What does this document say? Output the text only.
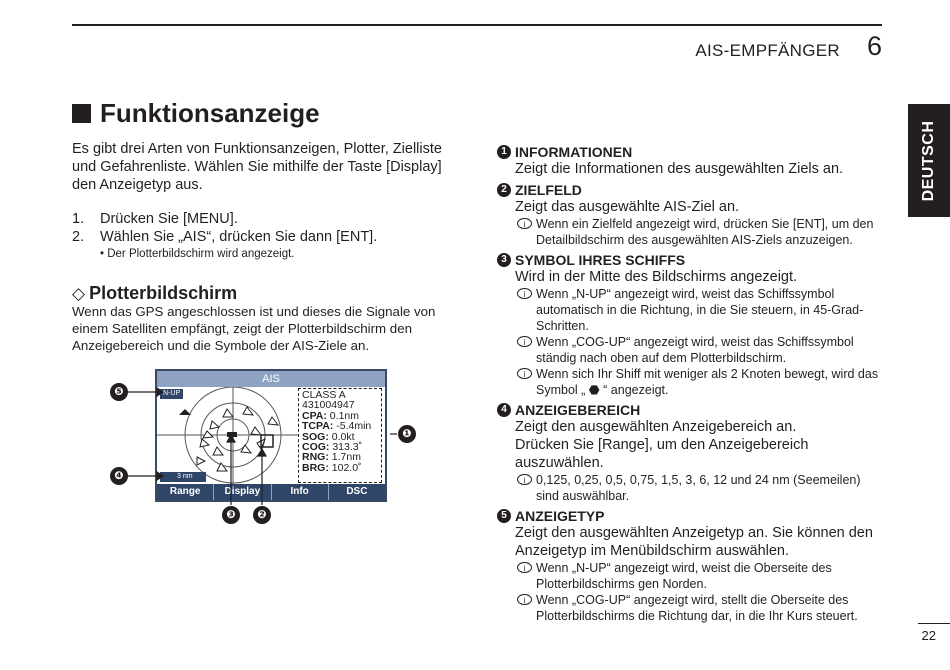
AIS-EMPFÄNGER 6
DEUTSCH
Funktionsanzeige
Es gibt drei Arten von Funktionsanzeigen, Plotter, Zielliste
und Gefahrenliste. Wählen Sie mithilfe der Taste [Display]
den Anzeigetyp aus.
1. Drücken Sie [MENU].
2. Wählen Sie „AIS“, drücken Sie dann [ENT].
• Der Plotterbildschirm wird angezeigt.
◇ Plotterbildschirm
Wenn das GPS angeschlossen ist und dieses die Signale von
einem Satelliten empfängt, zeigt der Plotterbildschirm den
Anzeigebereich und die Symbole der AIS-Ziele an.
AIS
N-UP
3 nm
CLASS A
431004947
CPA: 0.1nm
TCPA: -5.4min
SOG: 0.0kt
COG: 313.3˚
RNG: 1.7nm
BRG: 102.0˚
Range	Display	Info	DSC
❺
❹
❶
❸	❷
1 INFORMATIONEN
Zeigt die Informationen des ausgewählten Ziels an.
2 ZIELFELD
Zeigt das ausgewählte AIS-Ziel an.
i Wenn ein Zielfeld angezeigt wird, drücken Sie [ENT], um den
Detailbildschirm des ausgewählten AIS-Ziels anzuzeigen.
3 SYMBOL IHRES SCHIFFS
Wird in der Mitte des Bildschirms angezeigt.
i Wenn „N-UP“ angezeigt wird, weist das Schiffssymbol
automatisch in die Richtung, in die Sie steuern, in 45-Grad-
Schritten.
i Wenn „COG-UP“ angezeigt wird, weist das Schiffssymbol
ständig nach oben auf dem Plotterbildschirm.
i Wenn sich Ihr Shiff mit weniger als 2 Knoten bewegt, wird das
Symbol „ ⬣ “ angezeigt.
4 ANZEIGEBEREICH
Zeigt den ausgewählten Anzeigebereich an.
Drücken Sie [Range], um den Anzeigebereich
auszuwählen.
i 0,125, 0,25, 0,5, 0,75, 1,5, 3, 6, 12 und 24 nm (Seemeilen)
sind auswählbar.
5 ANZEIGETYP
Zeigt den ausgewählten Anzeigetyp an. Sie können den
Anzeigetyp im Menübildschirm auswählen.
i Wenn „N-UP“ angezeigt wird, weist die Oberseite des
Plotterbildschirms gen Norden.
i Wenn „COG-UP“ angezeigt wird, stellt die Oberseite des
Plotterbildschirms die Richtung dar, in die Ihr Kurs steuert.
22
